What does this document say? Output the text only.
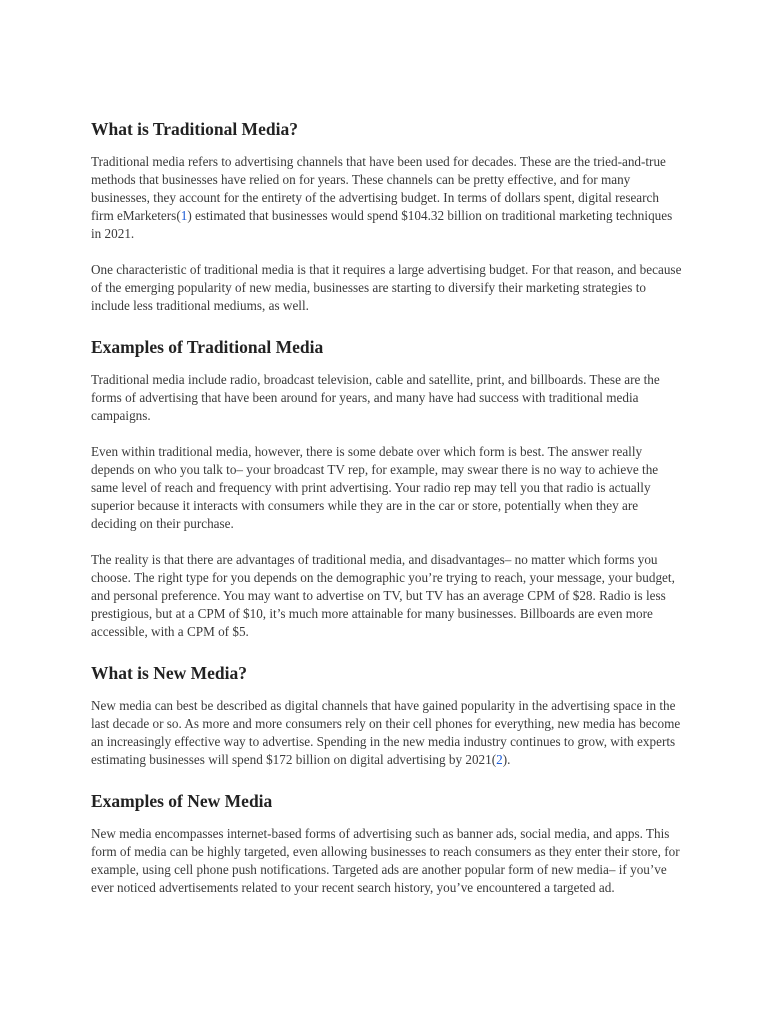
What is Traditional Media?

Traditional media refers to advertising channels that have been used for decades. These are the tried-and-true methods that businesses have relied on for years. These channels can be pretty effective, and for many businesses, they account for the entirety of the advertising budget. In terms of dollars spent, digital research firm eMarketers(1) estimated that businesses would spend $104.32 billion on traditional marketing techniques in 2021.

One characteristic of traditional media is that it requires a large advertising budget. For that reason, and because of the emerging popularity of new media, businesses are starting to diversify their marketing strategies to include less traditional mediums, as well.

Examples of Traditional Media

Traditional media include radio, broadcast television, cable and satellite, print, and billboards. These are the forms of advertising that have been around for years, and many have had success with traditional media campaigns.

Even within traditional media, however, there is some debate over which form is best. The answer really depends on who you talk to– your broadcast TV rep, for example, may swear there is no way to achieve the same level of reach and frequency with print advertising. Your radio rep may tell you that radio is actually superior because it interacts with consumers while they are in the car or store, potentially when they are deciding on their purchase.

The reality is that there are advantages of traditional media, and disadvantages– no matter which forms you choose. The right type for you depends on the demographic you’re trying to reach, your message, your budget, and personal preference. You may want to advertise on TV, but TV has an average CPM of $28. Radio is less prestigious, but at a CPM of $10, it’s much more attainable for many businesses. Billboards are even more accessible, with a CPM of $5.

What is New Media?

New media can best be described as digital channels that have gained popularity in the advertising space in the last decade or so. As more and more consumers rely on their cell phones for everything, new media has become an increasingly effective way to advertise. Spending in the new media industry continues to grow, with experts estimating businesses will spend $172 billion on digital advertising by 2021(2).

Examples of New Media

New media encompasses internet-based forms of advertising such as banner ads, social media, and apps. This form of media can be highly targeted, even allowing businesses to reach consumers as they enter their store, for example, using cell phone push notifications. Targeted ads are another popular form of new media– if you’ve ever noticed advertisements related to your recent search history, you’ve encountered a targeted ad.
